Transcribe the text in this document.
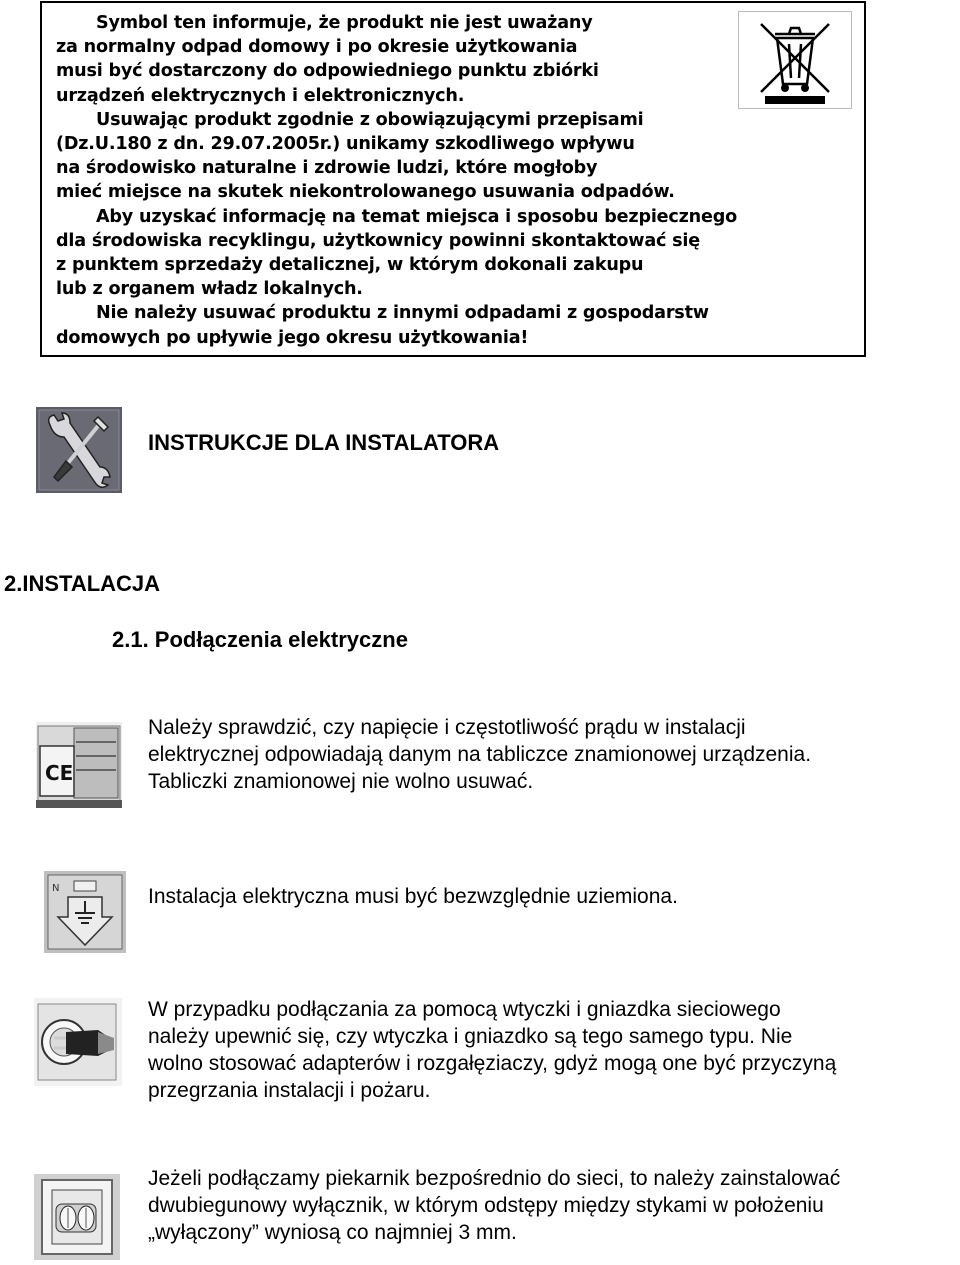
Symbol ten informuje, że produkt nie jest uważany
za normalny odpad domowy i po okresie użytkowania
musi być dostarczony do odpowiedniego punktu zbiórki
urządzeń elektrycznych i elektronicznych.
Usuwając produkt zgodnie z obowiązującymi przepisami
(Dz.U.180 z dn. 29.07.2005r.) unikamy szkodliwego wpływu
na środowisko naturalne i zdrowie ludzi, które mogłoby
mieć miejsce na skutek niekontrolowanego usuwania odpadów.
Aby uzyskać informację na temat miejsca i sposobu bezpiecznego
dla środowiska recyklingu, użytkownicy powinni skontaktować się
z punktem sprzedaży detalicznej, w którym dokonali zakupu
lub z organem władz lokalnych.
Nie należy usuwać produktu z innymi odpadami z gospodarstw
domowych po upływie jego okresu użytkowania!
INSTRUKCJE DLA INSTALATORA
2.INSTALACJA
2.1. Podłączenia elektryczne
CE
Należy sprawdzić, czy napięcie i częstotliwość prądu w instalacji
elektrycznej odpowiadają danym na tabliczce znamionowej urządzenia.
Tabliczki znamionowej nie wolno usuwać.
N	Instalacja elektryczna musi być bezwzględnie uziemiona.
W przypadku podłączania za pomocą wtyczki i gniazdka sieciowego
należy upewnić się, czy wtyczka i gniazdko są tego samego typu. Nie
wolno stosować adapterów i rozgałęziaczy, gdyż mogą one być przyczyną
przegrzania instalacji i pożaru.
Jeżeli podłączamy piekarnik bezpośrednio do sieci, to należy zainstalować
dwubiegunowy wyłącznik, w którym odstępy między stykami w położeniu
„wyłączony” wyniosą co najmniej 3 mm.
